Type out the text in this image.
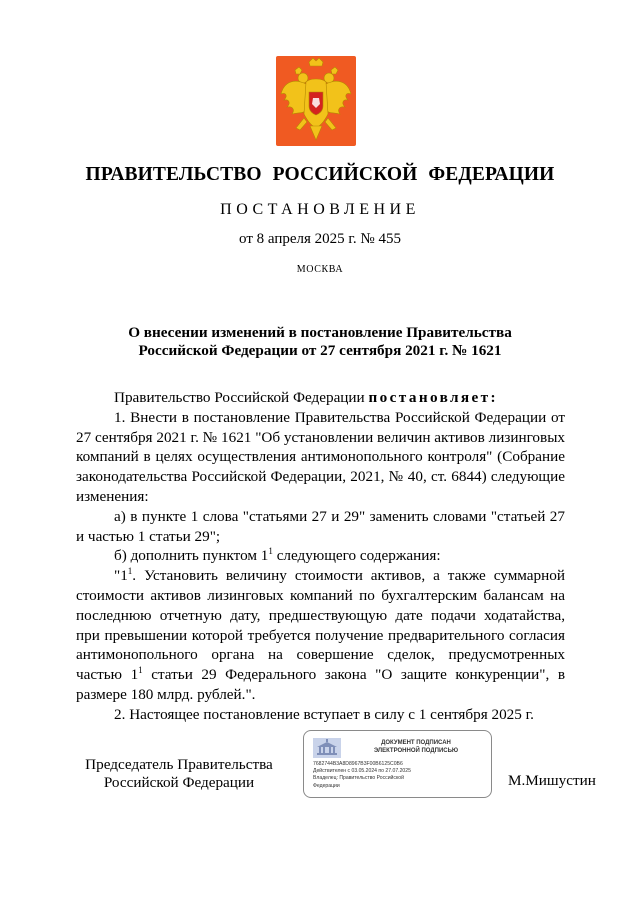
ПРАВИТЕЛЬСТВО РОССИЙСКОЙ ФЕДЕРАЦИИ
ПОСТАНОВЛЕНИЕ
от 8 апреля 2025 г. № 455
МОСКВА
О внесении изменений в постановление Правительства
Российской Федерации от 27 сентября 2021 г. № 1621

Правительство Российской Федерации постановляет:

1. Внести в постановление Правительства Российской Федерации от 27 сентября 2021 г. № 1621 "Об установлении величин активов лизинговых компаний в целях осуществления антимонопольного контроля" (Собрание законодательства Российской Федерации, 2021, № 40, ст. 6844) следующие изменения:

а) в пункте 1 слова "статьями 27 и 29" заменить словами "статьей 27 и частью 1 статьи 29";

б) дополнить пунктом $1^1$ следующего содержания:

"$1^1$. Установить величину стоимости активов, а также суммарной стоимости активов лизинговых компаний по бухгалтерским балансам на последнюю отчетную дату, предшествующую дате подачи ходатайства, при превышении которой требуется получение предварительного согласия антимонопольного органа на совершение сделок, предусмотренных частью $1^1$ статьи 29 Федерального закона "О защите конкуренции", в размере 180 млрд. рублей.".

2. Настоящее постановление вступает в силу с 1 сентября 2025 г.

Председатель Правительства
Российской Федерации
ДОКУМЕНТ ПОДПИСАН
ЭЛЕКТРОННОЙ ПОДПИСЬЮ
7682744B3A8D8967B3F00B6125C0B6
Действителен с 03.05.2024 по 27.07.2025
Владелец: Правительство Российской
Федерации	М.Мишустин
